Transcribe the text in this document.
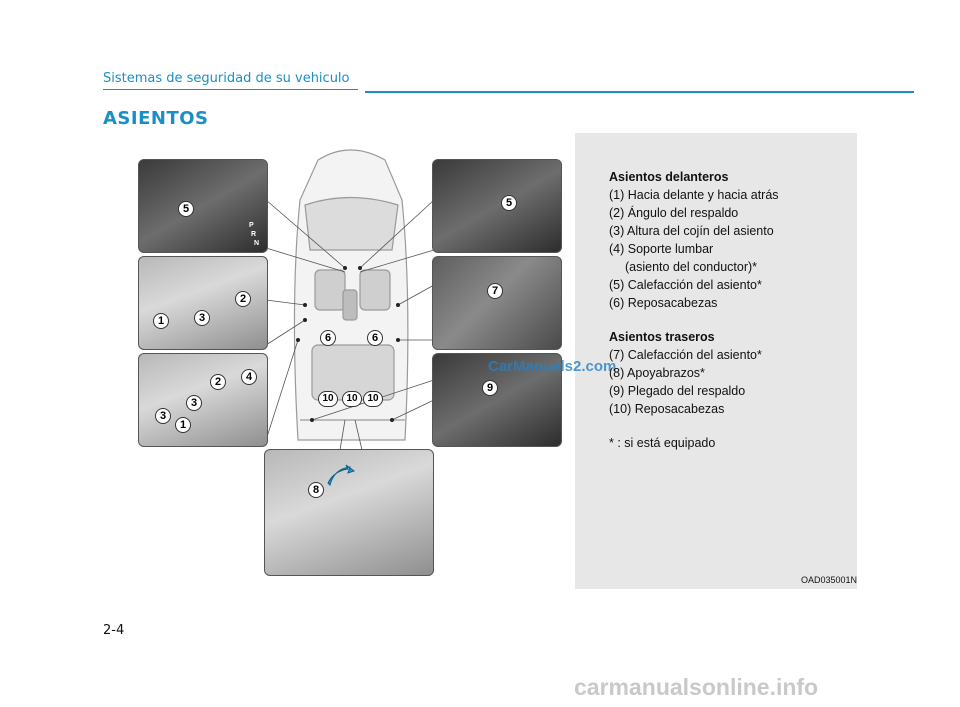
Sistemas de seguridad de su vehiculo
ASIENTOS
P
R
N
5
2
1	3
2	4
3
3
1
5
7
9
8
6	6
10	10 10
CarManuals2.com
Asientos delanteros
(1) Hacia delante y hacia atrás
(2) Ángulo del respaldo
(3) Altura del cojín del asiento
(4) Soporte lumbar
(asiento del conductor)*
(5) Calefacción del asiento*
(6) Reposacabezas
Asientos traseros
(7) Calefacción del asiento*
(8) Apoyabrazos*
(9) Plegado del respaldo
(10) Reposacabezas
* : si está equipado
OAD035001N
2-4
carmanualsonline.info
